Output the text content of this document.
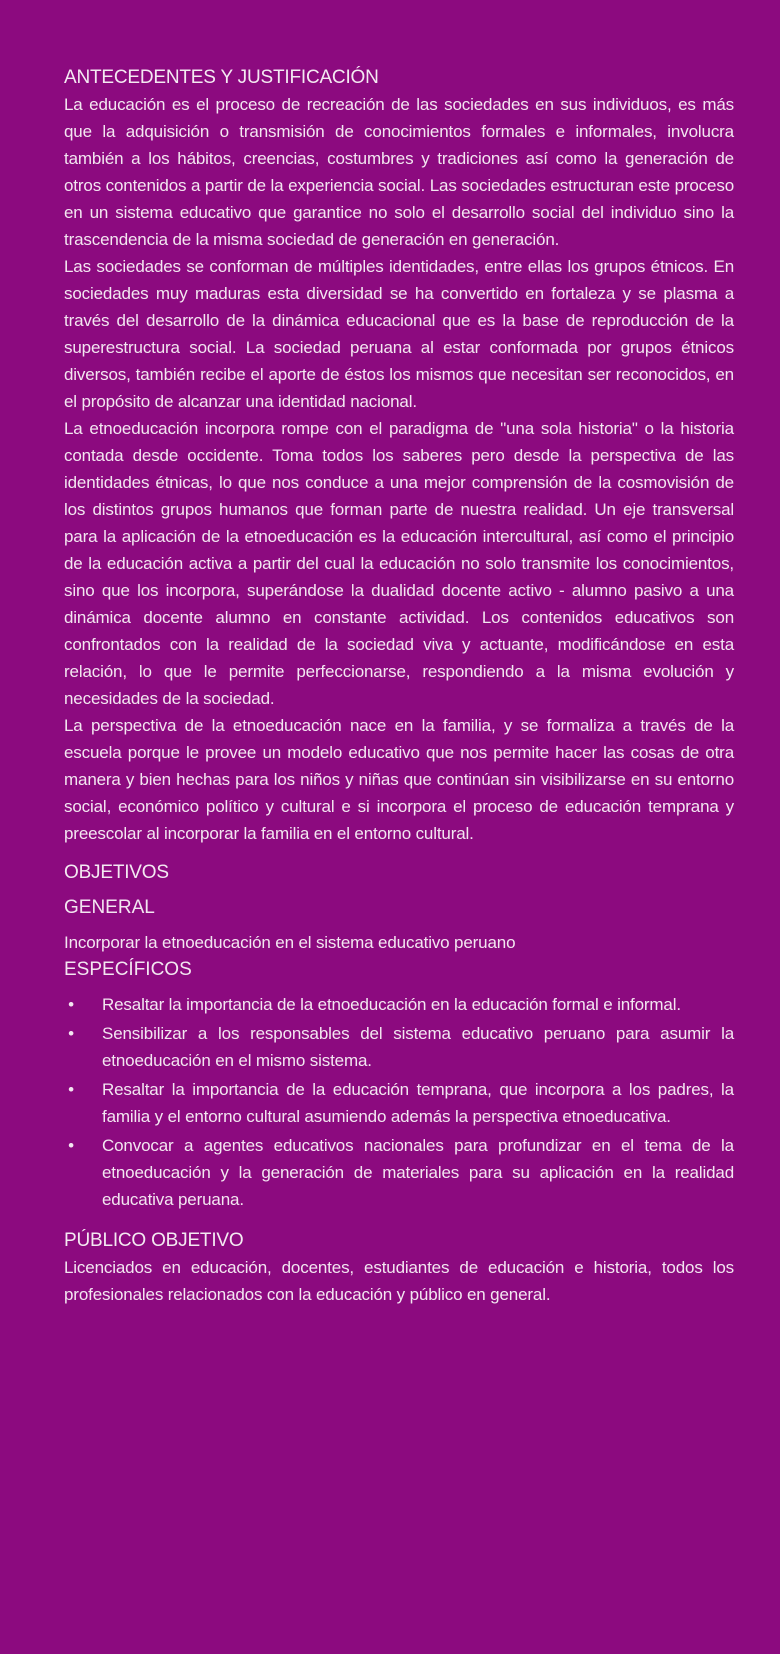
ANTECEDENTES Y JUSTIFICACIÓN

La educación es el proceso de recreación de las sociedades en sus individuos, es más que la adquisición o transmisión de conocimientos formales e informales, involucra también a los hábitos, creencias, costumbres y tradiciones así como la generación de otros contenidos a partir de la experiencia social. Las sociedades estructuran este proceso en un sistema educativo que garantice no solo el desarrollo social del individuo sino la trascendencia de la misma sociedad de generación en generación.

Las sociedades se conforman de múltiples identidades, entre ellas los grupos étnicos. En sociedades muy maduras esta diversidad se ha convertido en fortaleza y se plasma a través del desarrollo de la dinámica educacional que es la base de reproducción de la superestructura social. La sociedad peruana al estar conformada por grupos étnicos diversos, también recibe el aporte de éstos los mismos que necesitan ser reconocidos, en el propósito de alcanzar una identidad nacional.

La etnoeducación incorpora rompe con el paradigma de "una sola historia" o la historia contada desde occidente. Toma todos los saberes pero desde la perspectiva de las identidades étnicas, lo que nos conduce a una mejor comprensión de la cosmovisión de los distintos grupos humanos que forman parte de nuestra realidad. Un eje transversal para la aplicación de la etnoeducación es la educación intercultural, así como el principio de la educación activa a partir del cual la educación no solo transmite los conocimientos, sino que los incorpora, superándose la dualidad docente activo - alumno pasivo a una dinámica docente alumno en constante actividad. Los contenidos educativos son confrontados con la realidad de la sociedad viva y actuante, modificándose en esta relación, lo que le permite perfeccionarse, respondiendo a la misma evolución y necesidades de la sociedad.

La perspectiva de la etnoeducación nace en la familia, y se formaliza a través de la escuela porque le provee un modelo educativo que nos permite hacer las cosas de otra manera y bien hechas para los niños y niñas que continúan sin visibilizarse en su entorno social, económico político y cultural e si incorpora el proceso de educación temprana y preescolar al incorporar la familia en el entorno cultural.

OBJETIVOS
GENERAL

Incorporar la etnoeducación en el sistema educativo peruano

ESPECÍFICOS
• Resaltar la importancia de la etnoeducación en la educación formal e informal.
• Sensibilizar a los responsables del sistema educativo peruano para asumir la etnoeducación en el mismo sistema.
• Resaltar la importancia de la educación temprana, que incorpora a los padres, la familia y el entorno cultural asumiendo además la perspectiva etnoeducativa.
• Convocar a agentes educativos nacionales para profundizar en el tema de la etnoeducación y la generación de materiales para su aplicación en la realidad educativa peruana.
PÚBLICO OBJETIVO

Licenciados en educación, docentes, estudiantes de educación e historia, todos los profesionales relacionados con la educación y público en general.
